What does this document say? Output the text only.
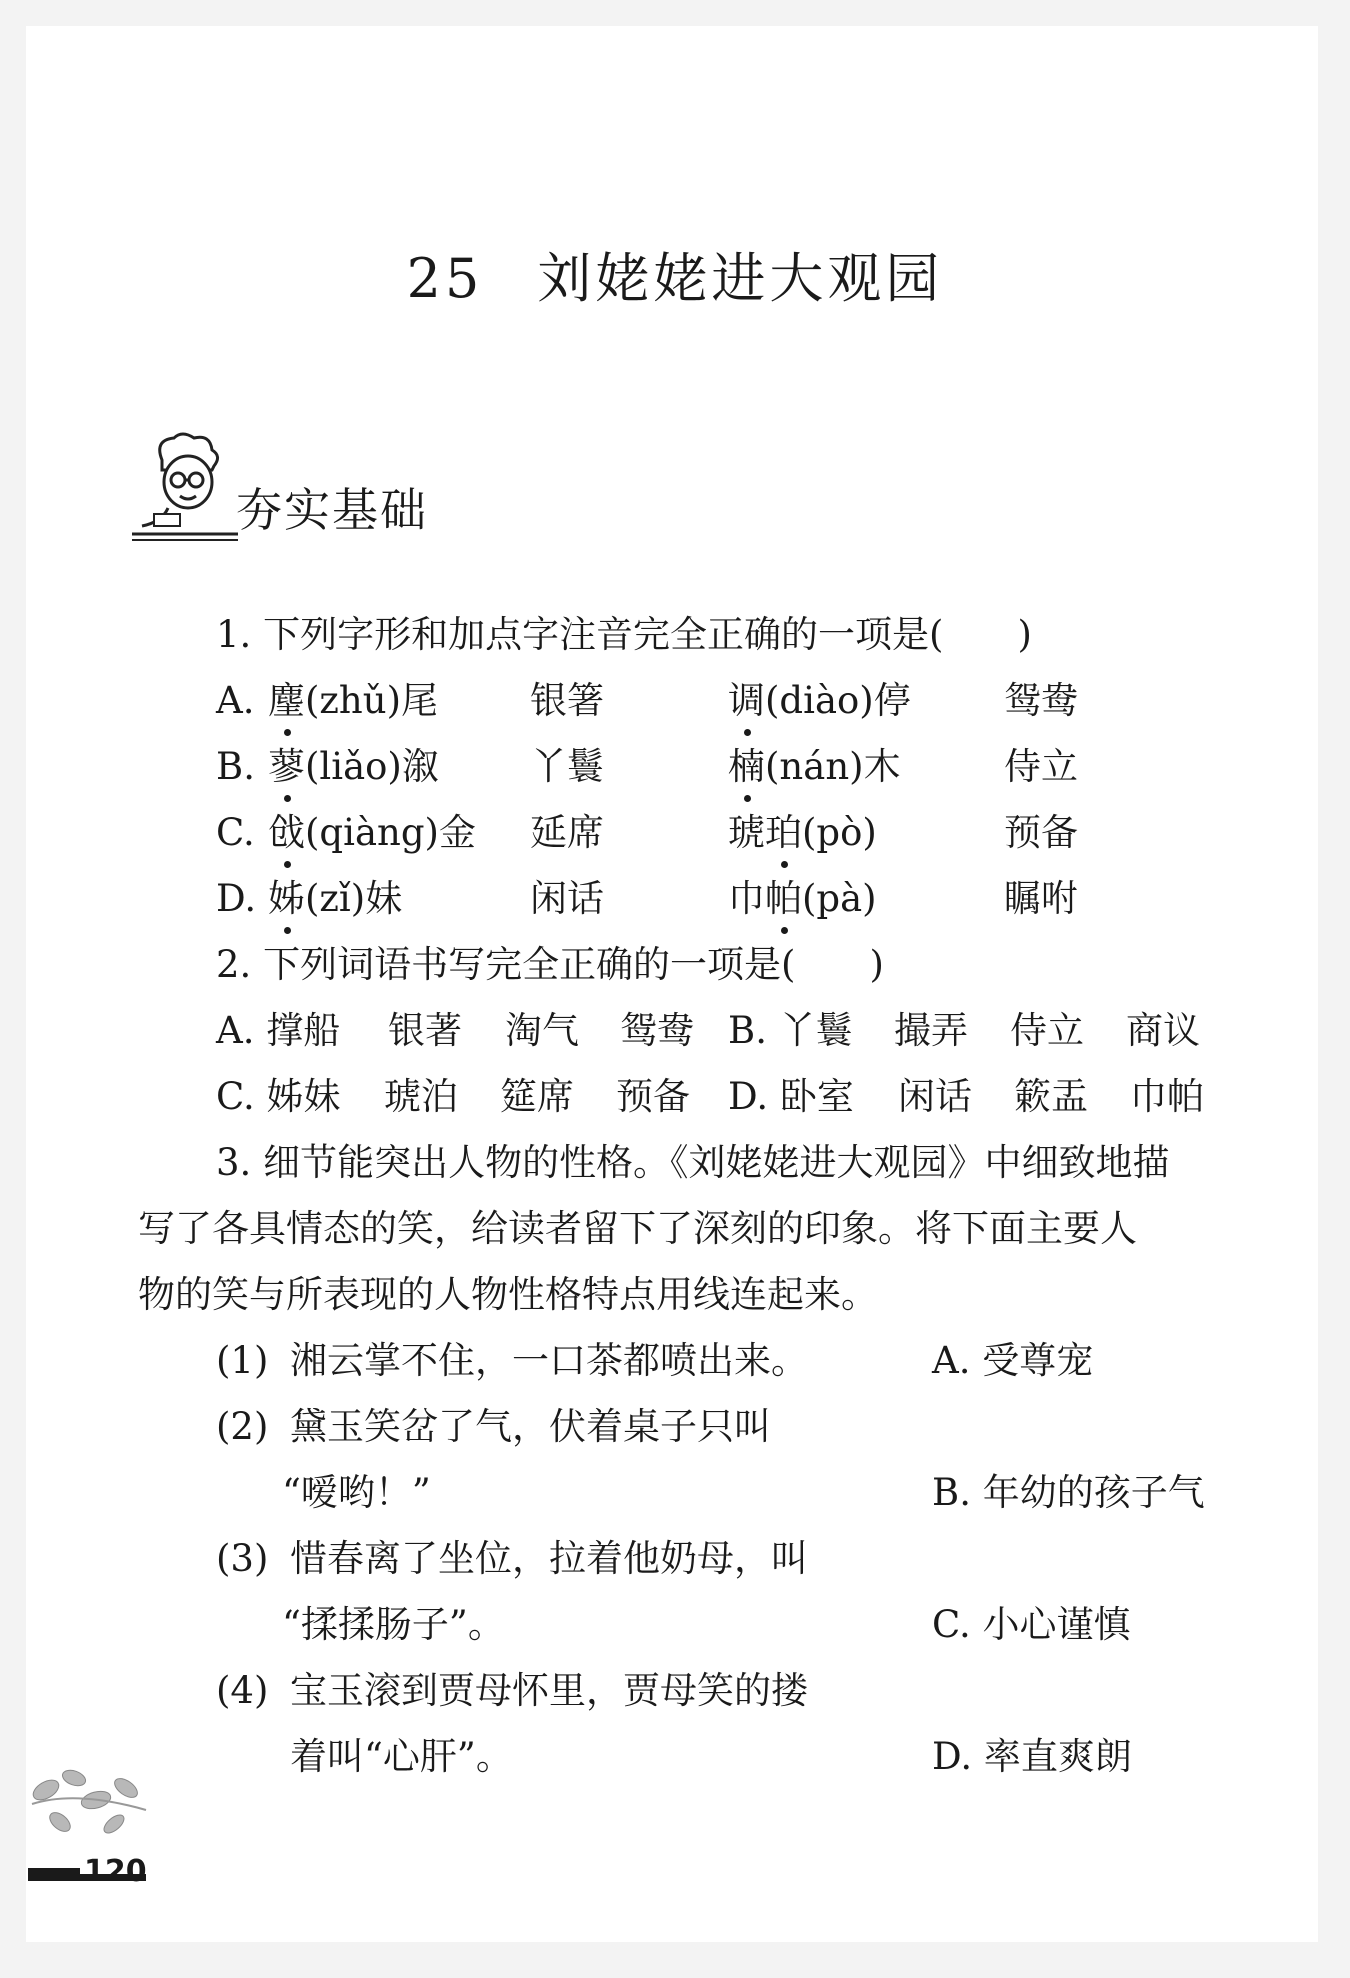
25 刘姥姥进大观园
夯实基础
1. 下列字形和加点字注音完全正确的一项是(　　)
A. 麈(zhǔ)尾 银箸	调(diào)停	鸳鸯
B. 蓼(liǎo)溆 丫鬟	楠(nán)木	侍立
C. 戗(qiàng)金 延席	琥珀(pò)	预备
D. 姊(zǐ)妹	闲话	巾帕(pà)	瞩咐
2. 下列词语书写完全正确的一项是(　　)
A. 撑船 银著 淘气 鸳鸯 B. 丫鬟 撮弄 侍立 商议
C. 姊妹 琥泊 筵席 预备 D. 卧室 闲话 簌盂 巾帕
3. 细节能突出人物的性格。《刘姥姥进大观园》中细致地描
写了各具情态的笑，给读者留下了深刻的印象。将下面主要人
物的笑与所表现的人物性格特点用线连起来。
(1) 湘云掌不住，一口茶都喷出来。	A. 受尊宠
(2) 黛玉笑岔了气，伏着桌子只叫
“嗳哟！”	B. 年幼的孩子气
(3) 惜春离了坐位，拉着他奶母，叫
“揉揉肠子”。	C. 小心谨慎
(4) 宝玉滚到贾母怀里，贾母笑的搂
着叫“心肝”。	D. 率直爽朗
120
